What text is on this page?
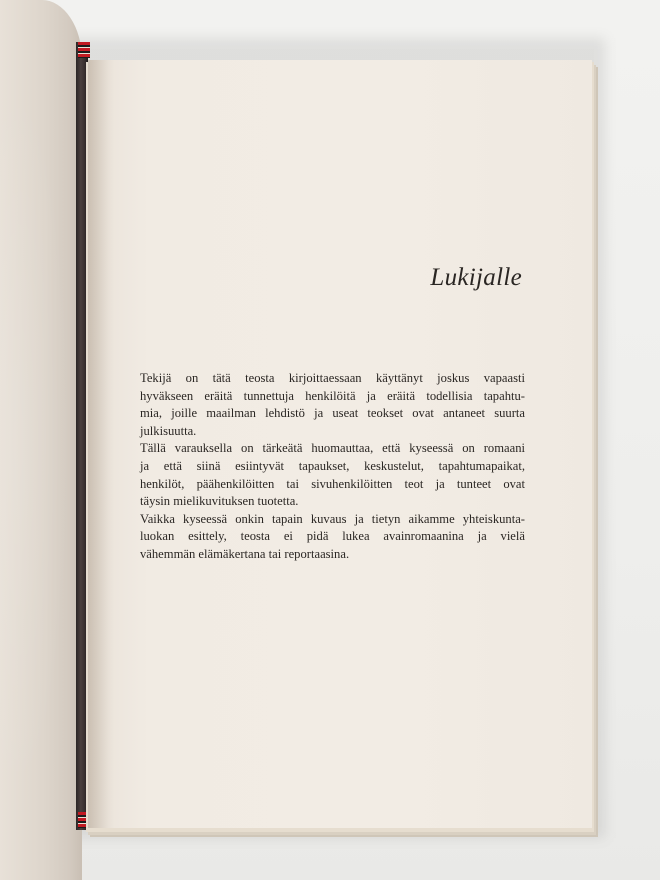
Lukijalle
Tekijä on tätä teosta kirjoittaessaan käyttänyt joskus vapaasti
hyväkseen eräitä tunnettuja henkilöitä ja eräitä todellisia tapahtu-
mia, joille maailman lehdistö ja useat teokset ovat antaneet suurta
julkisuutta.
Tällä varauksella on tärkeätä huomauttaa, että kyseessä on romaani
ja että siinä esiintyvät tapaukset, keskustelut, tapahtumapaikat,
henkilöt, päähenkilöitten tai sivuhenkilöitten teot ja tunteet ovat
täysin mielikuvituksen tuotetta.
Vaikka kyseessä onkin tapain kuvaus ja tietyn aikamme yhteiskunta-
luokan esittely, teosta ei pidä lukea avainromaanina ja vielä
vähemmän elämäkertana tai reportaasina.
